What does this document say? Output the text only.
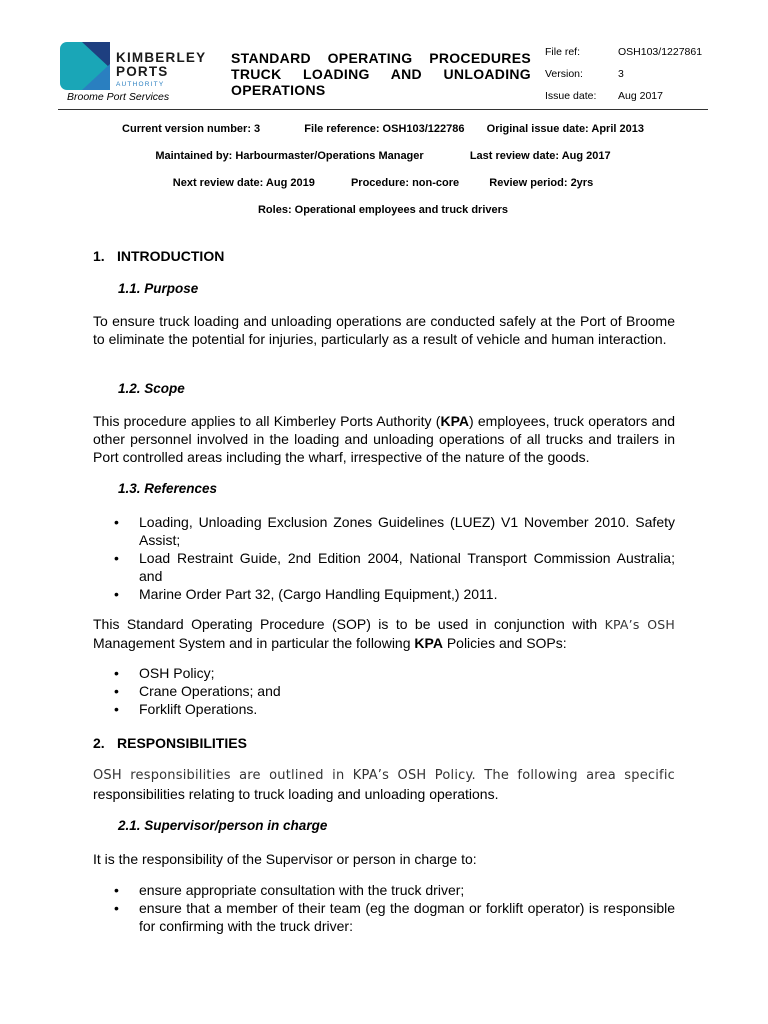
KIMBERLEY
PORTS
AUTHORITY
Broome Port Services
STANDARD OPERATING PROCEDURES
TRUCK LOADING AND UNLOADING
OPERATIONS
File ref:	OSH103/1227861
Version:	3
Issue date:	Aug 2017
Current version number: 3	File reference: OSH103/122786 Original issue date: April 2013
Maintained by: Harbourmaster/Operations Manager	Last review date: Aug 2017
Next review date: Aug 2019	Procedure: non-core	Review period: 2yrs
Roles: Operational employees and truck drivers
1. INTRODUCTION
1.1. Purpose
To ensure truck loading and unloading operations are conducted safely at the Port of Broome to eliminate the potential for injuries, particularly as a result of vehicle and human interaction.
1.2. Scope
This procedure applies to all Kimberley Ports Authority (KPA) employees, truck operators and other personnel involved in the loading and unloading operations of all trucks and trailers in Port controlled areas including the wharf, irrespective of the nature of the goods.
1.3. References
• Loading, Unloading Exclusion Zones Guidelines (LUEZ) V1 November 2010. Safety Assist;
• Load Restraint Guide, 2nd Edition 2004, National Transport Commission Australia; and
• Marine Order Part 32, (Cargo Handling Equipment,) 2011.
This Standard Operating Procedure (SOP) is to be used in conjunction with KPA’s OSH Management System and in particular the following KPA Policies and SOPs:
• OSH Policy;
• Crane Operations; and
• Forklift Operations.
2. RESPONSIBILITIES
OSH responsibilities are outlined in KPA’s OSH Policy. The following area specific
responsibilities relating to truck loading and unloading operations.
2.1. Supervisor/person in charge
It is the responsibility of the Supervisor or person in charge to:
• ensure appropriate consultation with the truck driver;
• ensure that a member of their team (eg the dogman or forklift operator) is responsible for confirming with the truck driver:
